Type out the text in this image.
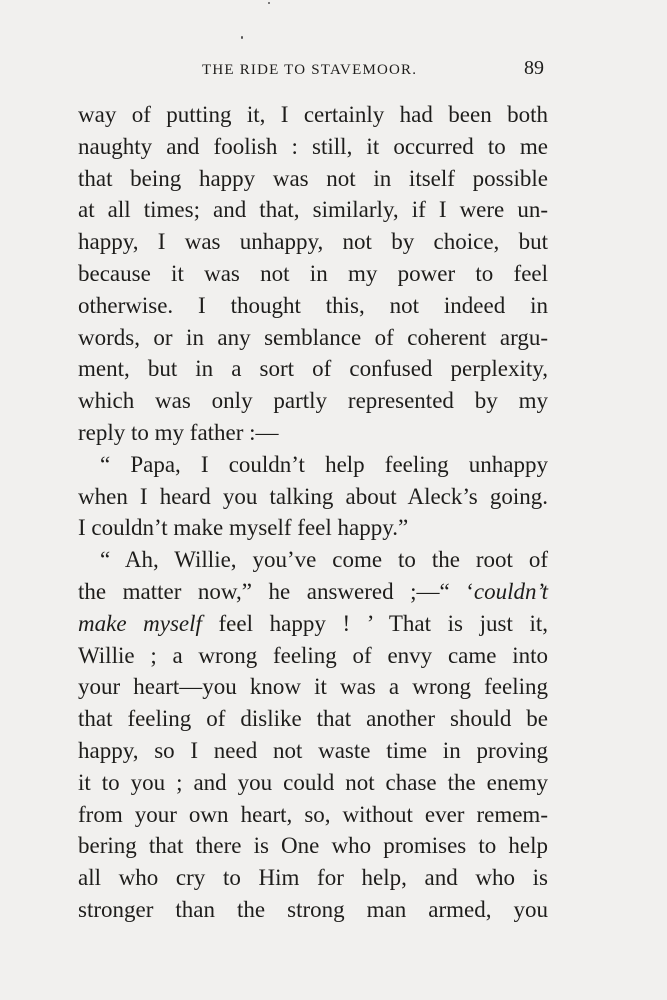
THE RIDE TO STAVEMOOR.	89
way of putting it, I certainly had been both
naughty and foolish : still, it occurred to me
that being happy was not in itself possible
at all times; and that, similarly, if I were un-
happy, I was unhappy, not by choice, but
because it was not in my power to feel
otherwise. I thought this, not indeed in
words, or in any semblance of coherent argu-
ment, but in a sort of confused perplexity,
which was only partly represented by my
reply to my father :—
“ Papa, I couldn’t help feeling unhappy
when I heard you talking about Aleck’s going.
I couldn’t make myself feel happy.”
“ Ah, Willie, you’ve come to the root of
the matter now,” he answered ;—“ ‘couldn’t
make myself feel happy ! ’ That is just it,
Willie ; a wrong feeling of envy came into
your heart—you know it was a wrong feeling
that feeling of dislike that another should be
happy, so I need not waste time in proving
it to you ; and you could not chase the enemy
from your own heart, so, without ever remem-
bering that there is One who promises to help
all who cry to Him for help, and who is
stronger than the strong man armed, you
